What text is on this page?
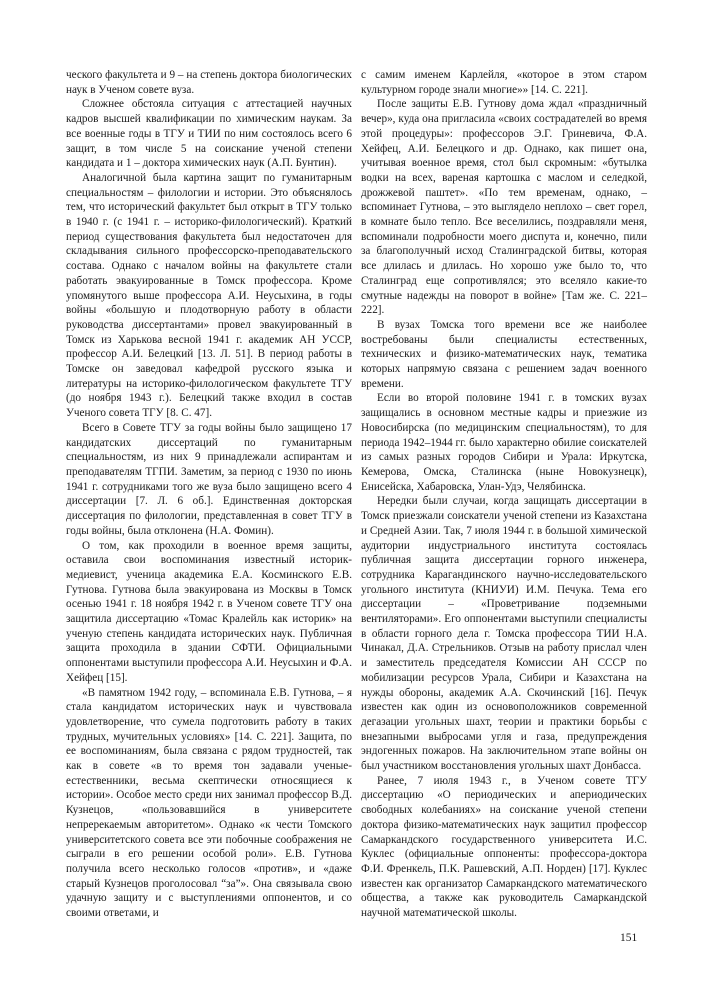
ческого факультета и 9 – на степень доктора биологических наук в Ученом совете вуза.

Сложнее обстояла ситуация с аттестацией научных кадров высшей квалификации по химическим наукам. За все военные годы в ТГУ и ТИИ по ним состоялось всего 6 защит, в том числе 5 на соискание ученой степени кандидата и 1 – доктора химических наук (А.П. Бунтин).

Аналогичной была картина защит по гуманитарным специальностям – филологии и истории. Это объяснялось тем, что исторический факультет был открыт в ТГУ только в 1940 г. (с 1941 г. – историко-филологический). Краткий период существования факультета был недостаточен для складывания сильного профессорско-преподавательского состава. Однако с началом войны на факультете стали работать эвакуированные в Томск профессора. Кроме упомянутого выше профессора А.И. Неусыхина, в годы войны «большую и плодотворную работу в области руководства диссертантами» провел эвакуированный в Томск из Харькова весной 1941 г. академик АН УССР, профессор А.И. Белецкий [13. Л. 51]. В период работы в Томске он заведовал кафедрой русского языка и литературы на историко-филологическом факультете ТГУ (до ноября 1943 г.). Белецкий также входил в состав Ученого совета ТГУ [8. С. 47].

Всего в Совете ТГУ за годы войны было защищено 17 кандидатских диссертаций по гуманитарным специальностям, из них 9 принадлежали аспирантам и преподавателям ТГПИ. Заметим, за период с 1930 по июнь 1941 г. сотрудниками того же вуза было защищено всего 4 диссертации [7. Л. 6 об.]. Единственная докторская диссертация по филологии, представленная в совет ТГУ в годы войны, была отклонена (Н.А. Фомин).

О том, как проходили в военное время защиты, оставила свои воспоминания известный историк-медиевист, ученица академика Е.А. Косминского Е.В. Гутнова. Гутнова была эвакуирована из Москвы в Томск осенью 1941 г. 18 ноября 1942 г. в Ученом совете ТГУ она защитила диссертацию «Томас Кралейль как историк» на ученую степень кандидата исторических наук. Публичная защита проходила в здании СФТИ. Официальными оппонентами выступили профессора А.И. Неусыхин и Ф.А. Хейфец [15].

«В памятном 1942 году, – вспоминала Е.В. Гутнова, – я стала кандидатом исторических наук и чувствовала удовлетворение, что сумела подготовить работу в таких трудных, мучительных условиях» [14. С. 221]. Защита, по ее воспоминаниям, была связана с рядом трудностей, так как в совете «в то время тон задавали ученые-естественники, весьма скептически относящиеся к истории». Особое место среди них занимал профессор В.Д. Кузнецов, «пользовавшийся в университете непререкаемым авторитетом». Однако «к чести Томского университетского совета все эти побочные соображения не сыграли в его решении особой роли». Е.В. Гутнова получила всего несколько голосов «против», и «даже старый Кузнецов проголосовал “за”». Она связывала свою удачную защиту и с выступлениями оппонентов, и со своими ответами, и

с самим именем Карлейля, «которое в этом старом культурном городе знали многие»» [14. С. 221].

После защиты Е.В. Гутнову дома ждал «праздничный вечер», куда она пригласила «своих сострадателей во время этой процедуры»: профессоров Э.Г. Гриневича, Ф.А. Хейфец, А.И. Белецкого и др. Однако, как пишет она, учитывая военное время, стол был скромным: «бутылка водки на всех, вареная картошка с маслом и селедкой, дрожжевой паштет». «По тем временам, однако, – вспоминает Гутнова, – это выглядело неплохо – свет горел, в комнате было тепло. Все веселились, поздравляли меня, вспоминали подробности моего диспута и, конечно, пили за благополучный исход Сталинградской битвы, которая все длилась и длилась. Но хорошо уже было то, что Сталинград еще сопротивлялся; это вселяло какие-то смутные надежды на поворот в войне» [Там же. С. 221–222].

В вузах Томска того времени все же наиболее востребованы были специалисты естественных, технических и физико-математических наук, тематика которых напрямую связана с решением задач военного времени.

Если во второй половине 1941 г. в томских вузах защищались в основном местные кадры и приезжие из Новосибирска (по медицинским специальностям), то для периода 1942–1944 гг. было характерно обилие соискателей из самых разных городов Сибири и Урала: Иркутска, Кемерова, Омска, Сталинска (ныне Новокузнецк), Енисейска, Хабаровска, Улан-Удэ, Челябинска.

Нередки были случаи, когда защищать диссертации в Томск приезжали соискатели ученой степени из Казахстана и Средней Азии. Так, 7 июля 1944 г. в большой химической аудитории индустриального института состоялась публичная защита диссертации горного инженера, сотрудника Карагандинского научно-исследовательского угольного института (КНИУИ) И.М. Печука. Тема его диссертации – «Проветривание подземными вентиляторами». Его оппонентами выступили специалисты в области горного дела г. Томска профессора ТИИ Н.А. Чинакал, Д.А. Стрельников. Отзыв на работу прислал член и заместитель председателя Комиссии АН СССР по мобилизации ресурсов Урала, Сибири и Казахстана на нужды обороны, академик А.А. Скочинский [16]. Печук известен как один из основоположников современной дегазации угольных шахт, теории и практики борьбы с внезапными выбросами угля и газа, предупреждения эндогенных пожаров. На заключительном этапе войны он был участником восстановления угольных шахт Донбасса.

Ранее, 7 июля 1943 г., в Ученом совете ТГУ диссертацию «О периодических и апериодических свободных колебаниях» на соискание ученой степени доктора физико-математических наук защитил профессор Самаркандского государственного университета И.С. Куклес (официальные оппоненты: профессора-доктора Ф.И. Френкель, П.К. Рашевский, А.П. Норден) [17]. Куклес известен как организатор Самаркандского математического общества, а также как руководитель Самаркандской научной математической школы.

151
